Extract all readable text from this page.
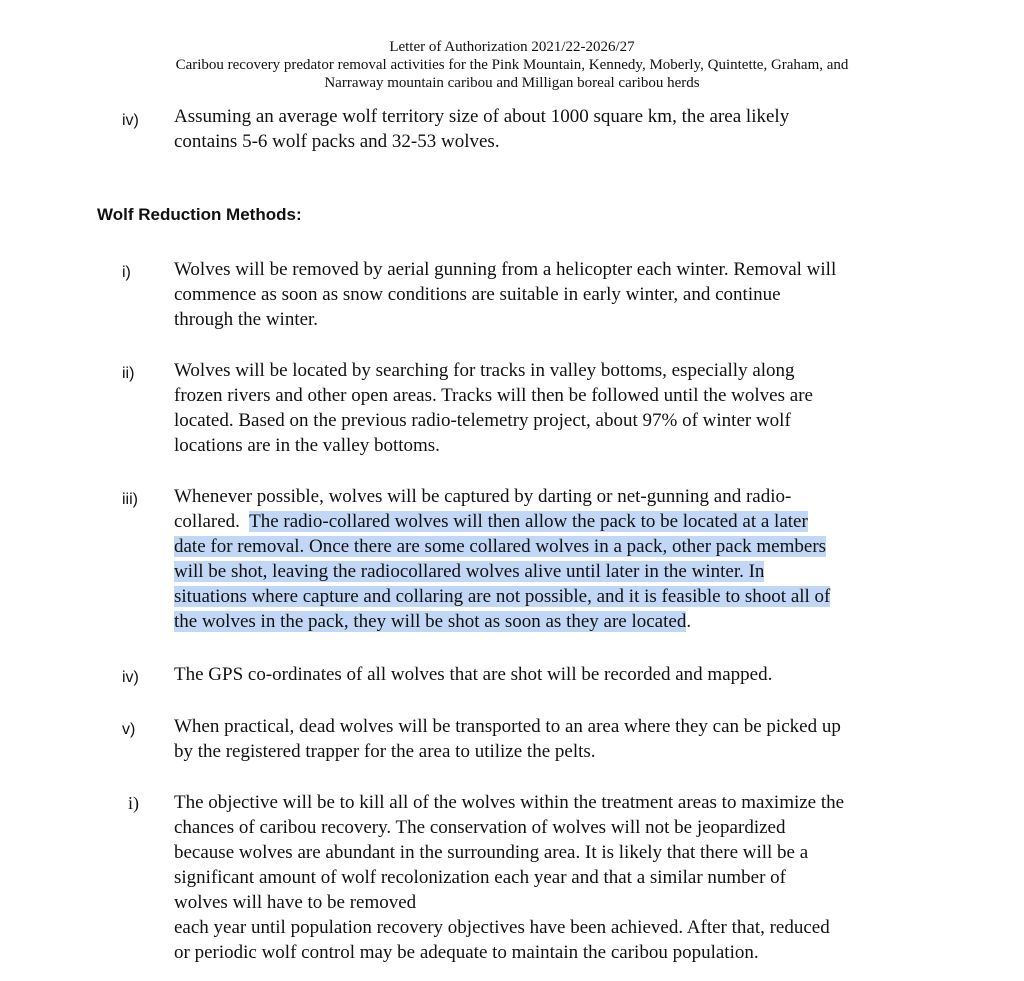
Letter of Authorization 2021/22-2026/27
Caribou recovery predator removal activities for the Pink Mountain, Kennedy, Moberly, Quintette, Graham, and
Narraway mountain caribou and Milligan boreal caribou herds
iv) Assuming an average wolf territory size of about 1000 square km, the area likely
contains 5-6 wolf packs and 32-53 wolves.
Wolf Reduction Methods:
i) Wolves will be removed by aerial gunning from a helicopter each winter. Removal will
commence as soon as snow conditions are suitable in early winter, and continue
through the winter.
ii) Wolves will be located by searching for tracks in valley bottoms, especially along
frozen rivers and other open areas. Tracks will then be followed until the wolves are
located. Based on the previous radio-telemetry project, about 97% of winter wolf
locations are in the valley bottoms.
iii) Whenever possible, wolves will be captured by darting or net-gunning and radio-
collared.  The radio-collared wolves will then allow the pack to be located at a later
date for removal. Once there are some collared wolves in a pack, other pack members
will be shot, leaving the radiocollared wolves alive until later in the winter. In
situations where capture and collaring are not possible, and it is feasible to shoot all of
the wolves in the pack, they will be shot as soon as they are located.
iv) The GPS co-ordinates of all wolves that are shot will be recorded and mapped.
v) When practical, dead wolves will be transported to an area where they can be picked up
by the registered trapper for the area to utilize the pelts.
i) The objective will be to kill all of the wolves within the treatment areas to maximize the
chances of caribou recovery. The conservation of wolves will not be jeopardized
because wolves are abundant in the surrounding area. It is likely that there will be a
significant amount of wolf recolonization each year and that a similar number of
wolves will have to be removed
each year until population recovery objectives have been achieved. After that, reduced
or periodic wolf control may be adequate to maintain the caribou population.
